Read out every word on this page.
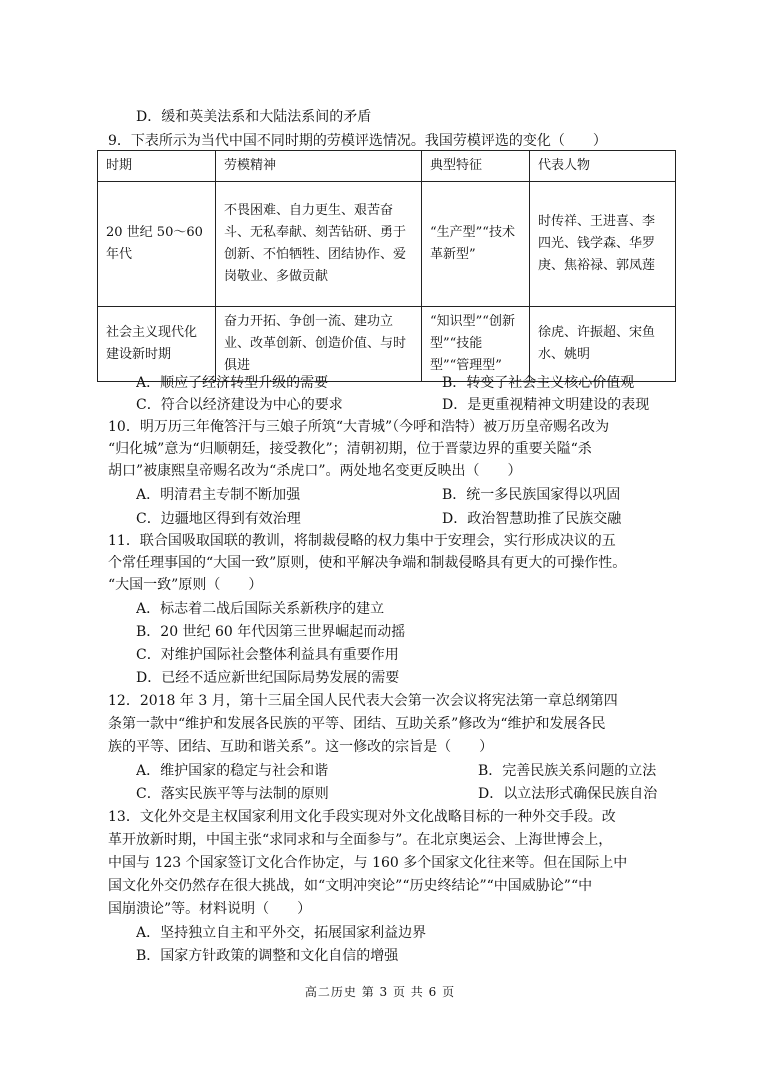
D．缓和英美法系和大陆法系间的矛盾
9．下表所示为当代中国不同时期的劳模评选情况。我国劳模评选的变化（　　）
时期	劳模精神	典型特征	代表人物
20 世纪 50～60 年代	不畏困难、自力更生、艰苦奋斗、无私奉献、刻苦钻研、勇于创新、不怕牺牲、团结协作、爱岗敬业、多做贡献	“生产型”“技术革新型”	时传祥、王进喜、李四光、钱学森、华罗庚、焦裕禄、郭凤莲
社会主义现代化建设新时期	奋力开拓、争创一流、建功立业、改革创新、创造价值、与时俱进	“知识型”“创新型”“技能型”“管理型”	徐虎、许振超、宋鱼水、姚明
A．顺应了经济转型升级的需要	B．转变了社会主义核心价值观
C．符合以经济建设为中心的要求	D．是更重视精神文明建设的表现
10．明万历三年俺答汗与三娘子所筑“大青城”（今呼和浩特）被万历皇帝赐名改为
“归化城”意为“归顺朝廷，接受教化”；清朝初期，位于晋蒙边界的重要关隘“杀
胡口”被康熙皇帝赐名改为“杀虎口”。两处地名变更反映出（　　）
A．明清君主专制不断加强	B．统一多民族国家得以巩固
C．边疆地区得到有效治理	D．政治智慧助推了民族交融
11．联合国吸取国联的教训，将制裁侵略的权力集中于安理会，实行形成决议的五
个常任理事国的“大国一致”原则，使和平解决争端和制裁侵略具有更大的可操作性。
“大国一致”原则（　　）
A．标志着二战后国际关系新秩序的建立
B．20 世纪 60 年代因第三世界崛起而动摇
C．对维护国际社会整体利益具有重要作用
D．已经不适应新世纪国际局势发展的需要
12．2018 年 3 月，第十三届全国人民代表大会第一次会议将宪法第一章总纲第四
条第一款中“维护和发展各民族的平等、团结、互助关系”修改为“维护和发展各民
族的平等、团结、互助和谐关系”。这一修改的宗旨是（　　）
A．维护国家的稳定与社会和谐	B．完善民族关系问题的立法
C．落实民族平等与法制的原则	D．以立法形式确保民族自治
13．文化外交是主权国家利用文化手段实现对外文化战略目标的一种外交手段。改
革开放新时期，中国主张“求同求和与全面参与”。在北京奥运会、上海世博会上，
中国与 123 个国家签订文化合作协定，与 160 多个国家文化往来等。但在国际上中
国文化外交仍然存在很大挑战，如“文明冲突论”“历史终结论”“中国威胁论”“中
国崩溃论”等。材料说明（　　）
A．坚持独立自主和平外交，拓展国家利益边界
B．国家方针政策的调整和文化自信的增强
高二历史 第 3 页 共 6 页
